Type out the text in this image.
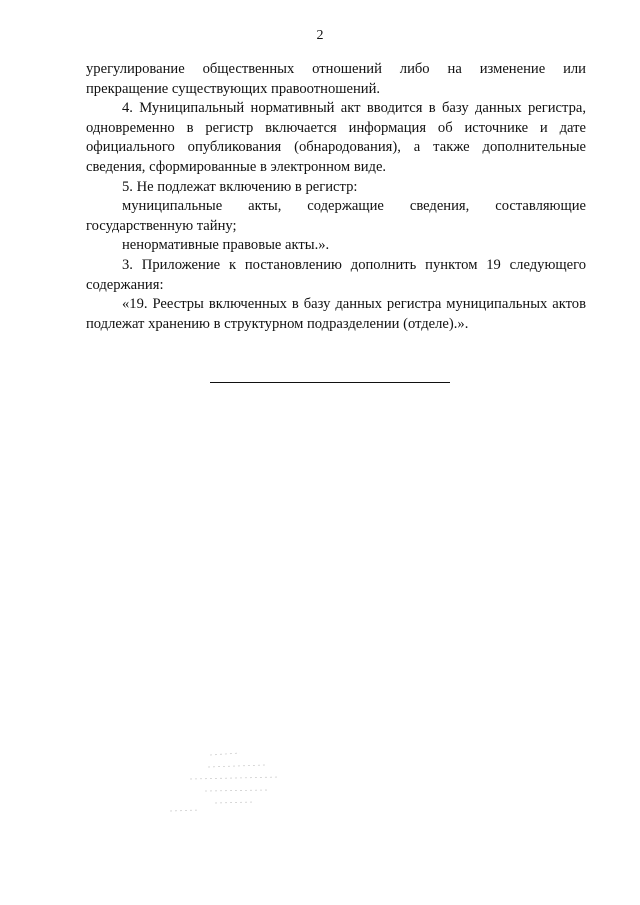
2

урегулирование общественных отношений либо на изменение или прекращение существующих правоотношений.

4. Муниципальный нормативный акт вводится в базу данных регистра, одновременно в регистр включается информация об источнике и дате официального опубликования (обнародования), а также дополнительные сведения, сформированные в электронном виде.

5. Не подлежат включению в регистр:

муниципальные акты, содержащие сведения, составляющие государственную тайну;

ненормативные правовые акты.».

3. Приложение к постановлению дополнить пунктом 19 следующего содержания:

«19. Реестры включенных в базу данных регистра муниципальных актов подлежат хранению в структурном подразделении (отделе).».
